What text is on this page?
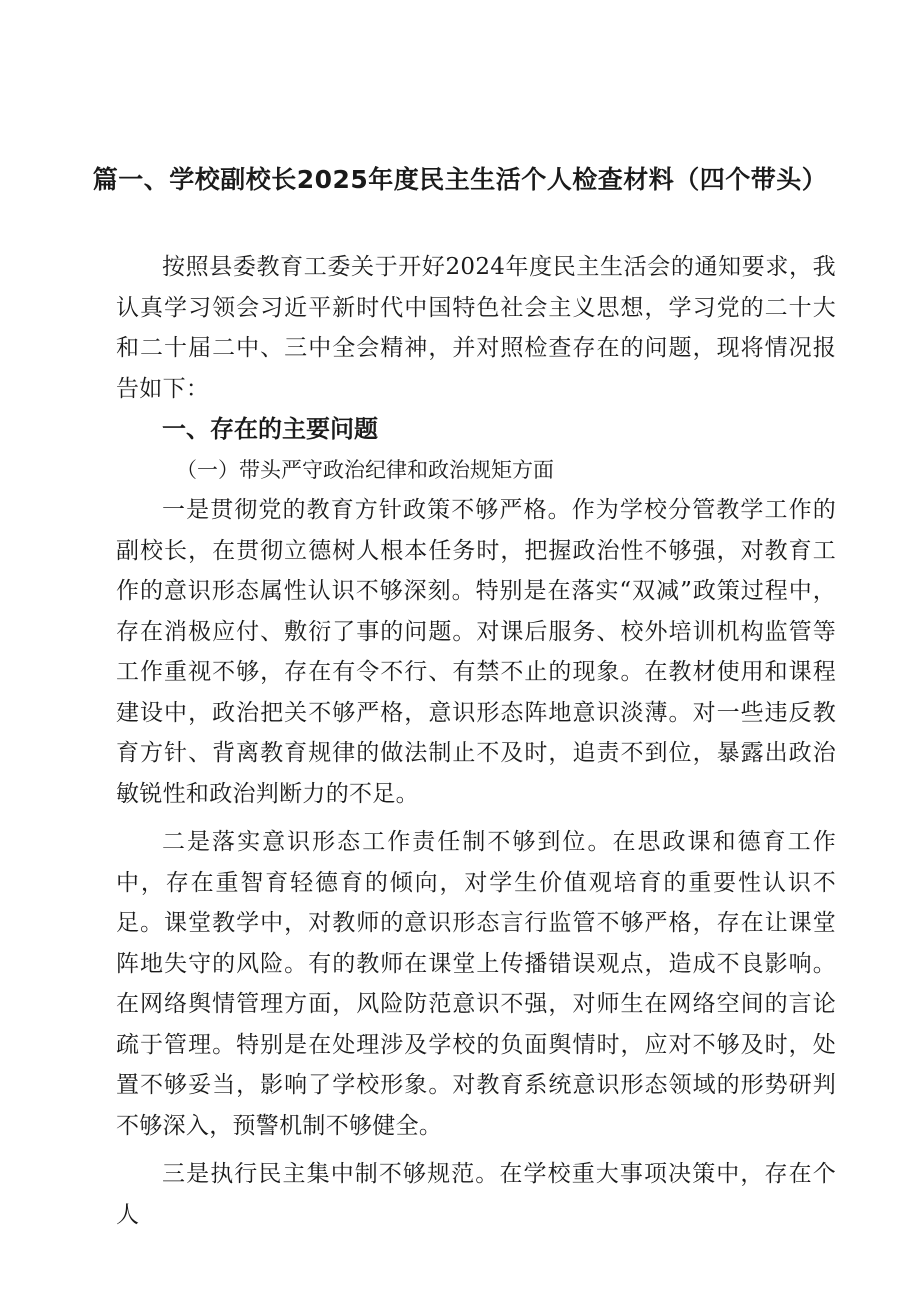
篇一、学校副校长2025年度民主生活个人检查材料（四个带头）

按照县委教育工委关于开好2024年度民主生活会的通知要求，我认真学习领会习近平新时代中国特色社会主义思想，学习党的二十大和二十届二中、三中全会精神，并对照检查存在的问题，现将情况报告如下：

一、存在的主要问题
（一）带头严守政治纪律和政治规矩方面

一是贯彻党的教育方针政策不够严格。作为学校分管教学工作的副校长，在贯彻立德树人根本任务时，把握政治性不够强，对教育工作的意识形态属性认识不够深刻。特别是在落实“双减”政策过程中，存在消极应付、敷衍了事的问题。对课后服务、校外培训机构监管等工作重视不够，存在有令不行、有禁不止的现象。在教材使用和课程建设中，政治把关不够严格，意识形态阵地意识淡薄。对一些违反教育方针、背离教育规律的做法制止不及时，追责不到位，暴露出政治敏锐性和政治判断力的不足。

二是落实意识形态工作责任制不够到位。在思政课和德育工作中，存在重智育轻德育的倾向，对学生价值观培育的重要性认识不足。课堂教学中，对教师的意识形态言行监管不够严格，存在让课堂阵地失守的风险。有的教师在课堂上传播错误观点，造成不良影响。在网络舆情管理方面，风险防范意识不强，对师生在网络空间的言论疏于管理。特别是在处理涉及学校的负面舆情时，应对不够及时，处置不够妥当，影响了学校形象。对教育系统意识形态领域的形势研判不够深入，预警机制不够健全。

三是执行民主集中制不够规范。在学校重大事项决策中，存在个人
